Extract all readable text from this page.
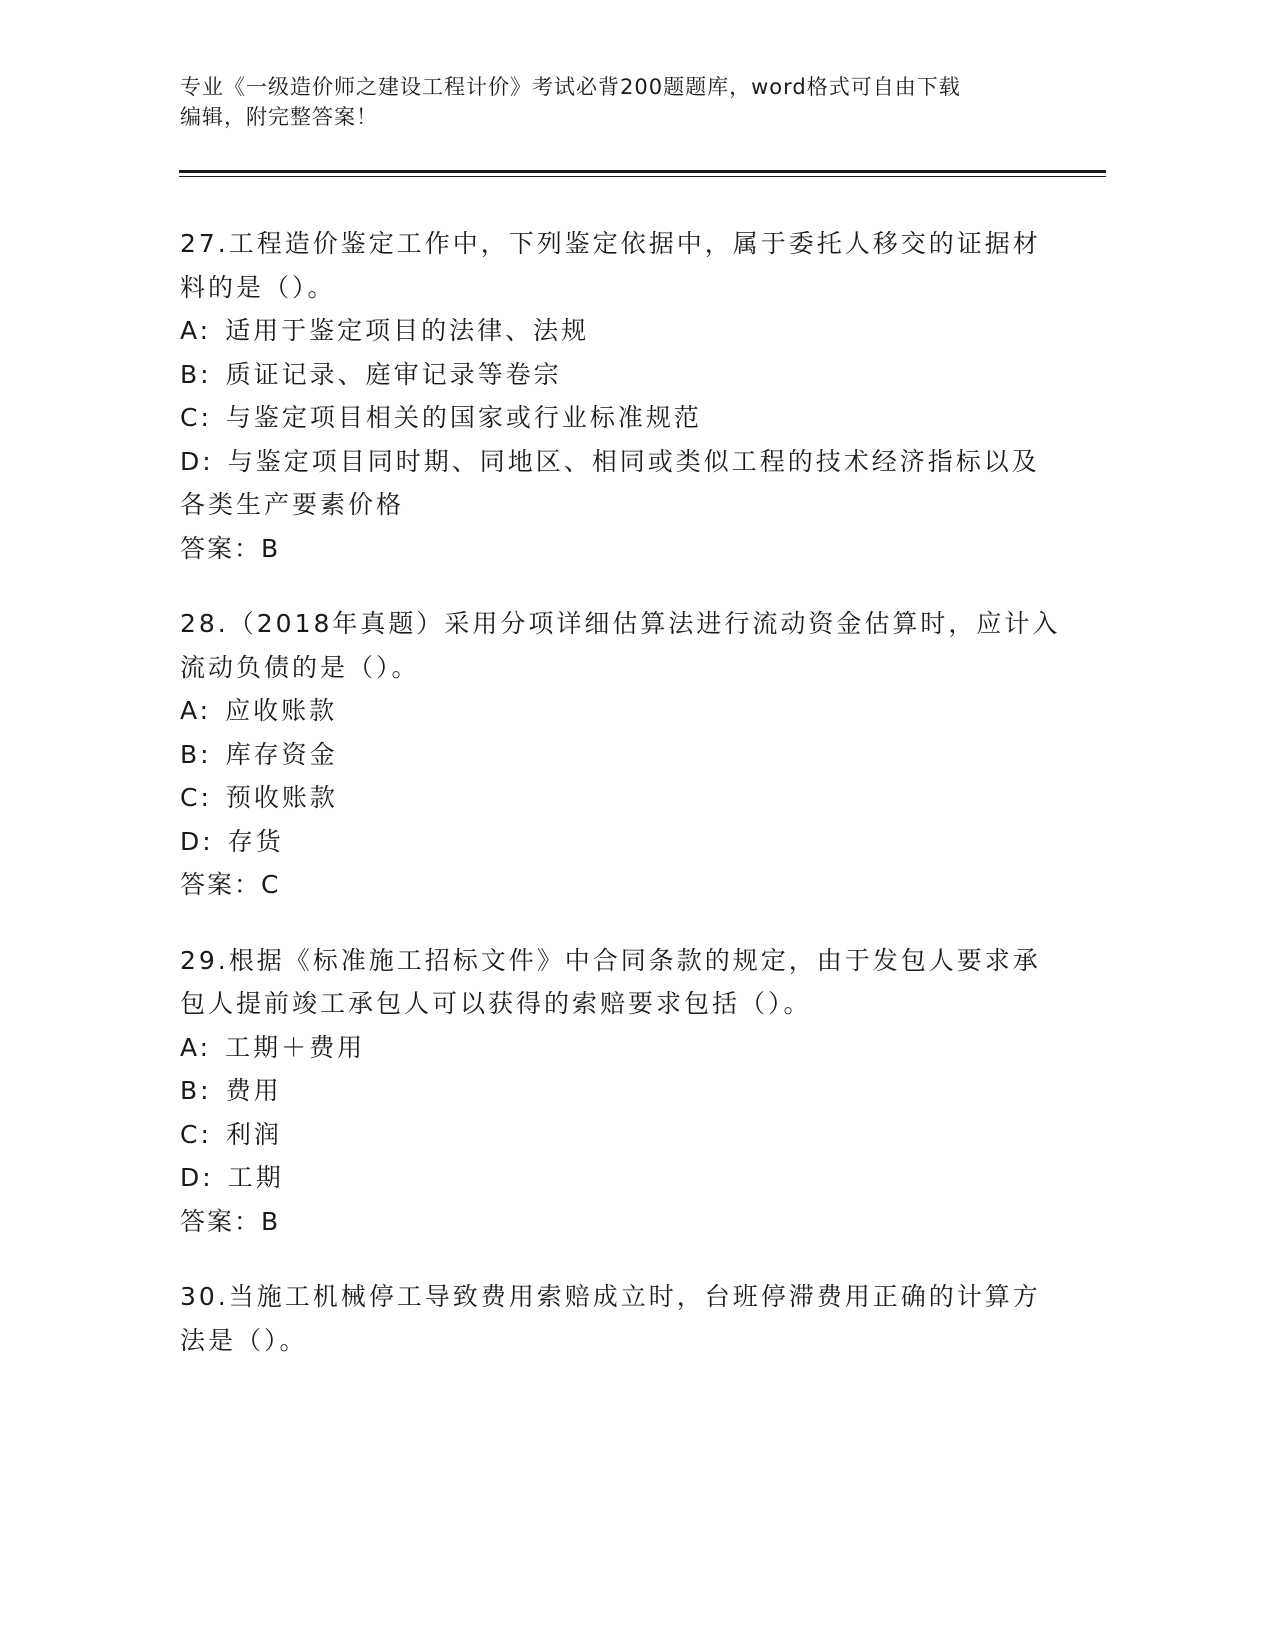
专业《一级造价师之建设工程计价》考试必背200题题库，word格式可自由下载
编辑，附完整答案！
27.工程造价鉴定工作中，下列鉴定依据中，属于委托人移交的证据材
料的是（）。
A: 适用于鉴定项目的法律、法规
B: 质证记录、庭审记录等卷宗
C: 与鉴定项目相关的国家或行业标准规范
D: 与鉴定项目同时期、同地区、相同或类似工程的技术经济指标以及
各类生产要素价格
答案：B
28.（2018年真题）采用分项详细估算法进行流动资金估算时，应计入
流动负债的是（）。
A: 应收账款
B: 库存资金
C: 预收账款
D: 存货
答案：C
29.根据《标准施工招标文件》中合同条款的规定，由于发包人要求承
包人提前竣工承包人可以获得的索赔要求包括（）。
A: 工期＋费用
B: 费用
C: 利润
D: 工期
答案：B
30.当施工机械停工导致费用索赔成立时，台班停滞费用正确的计算方
法是（）。
